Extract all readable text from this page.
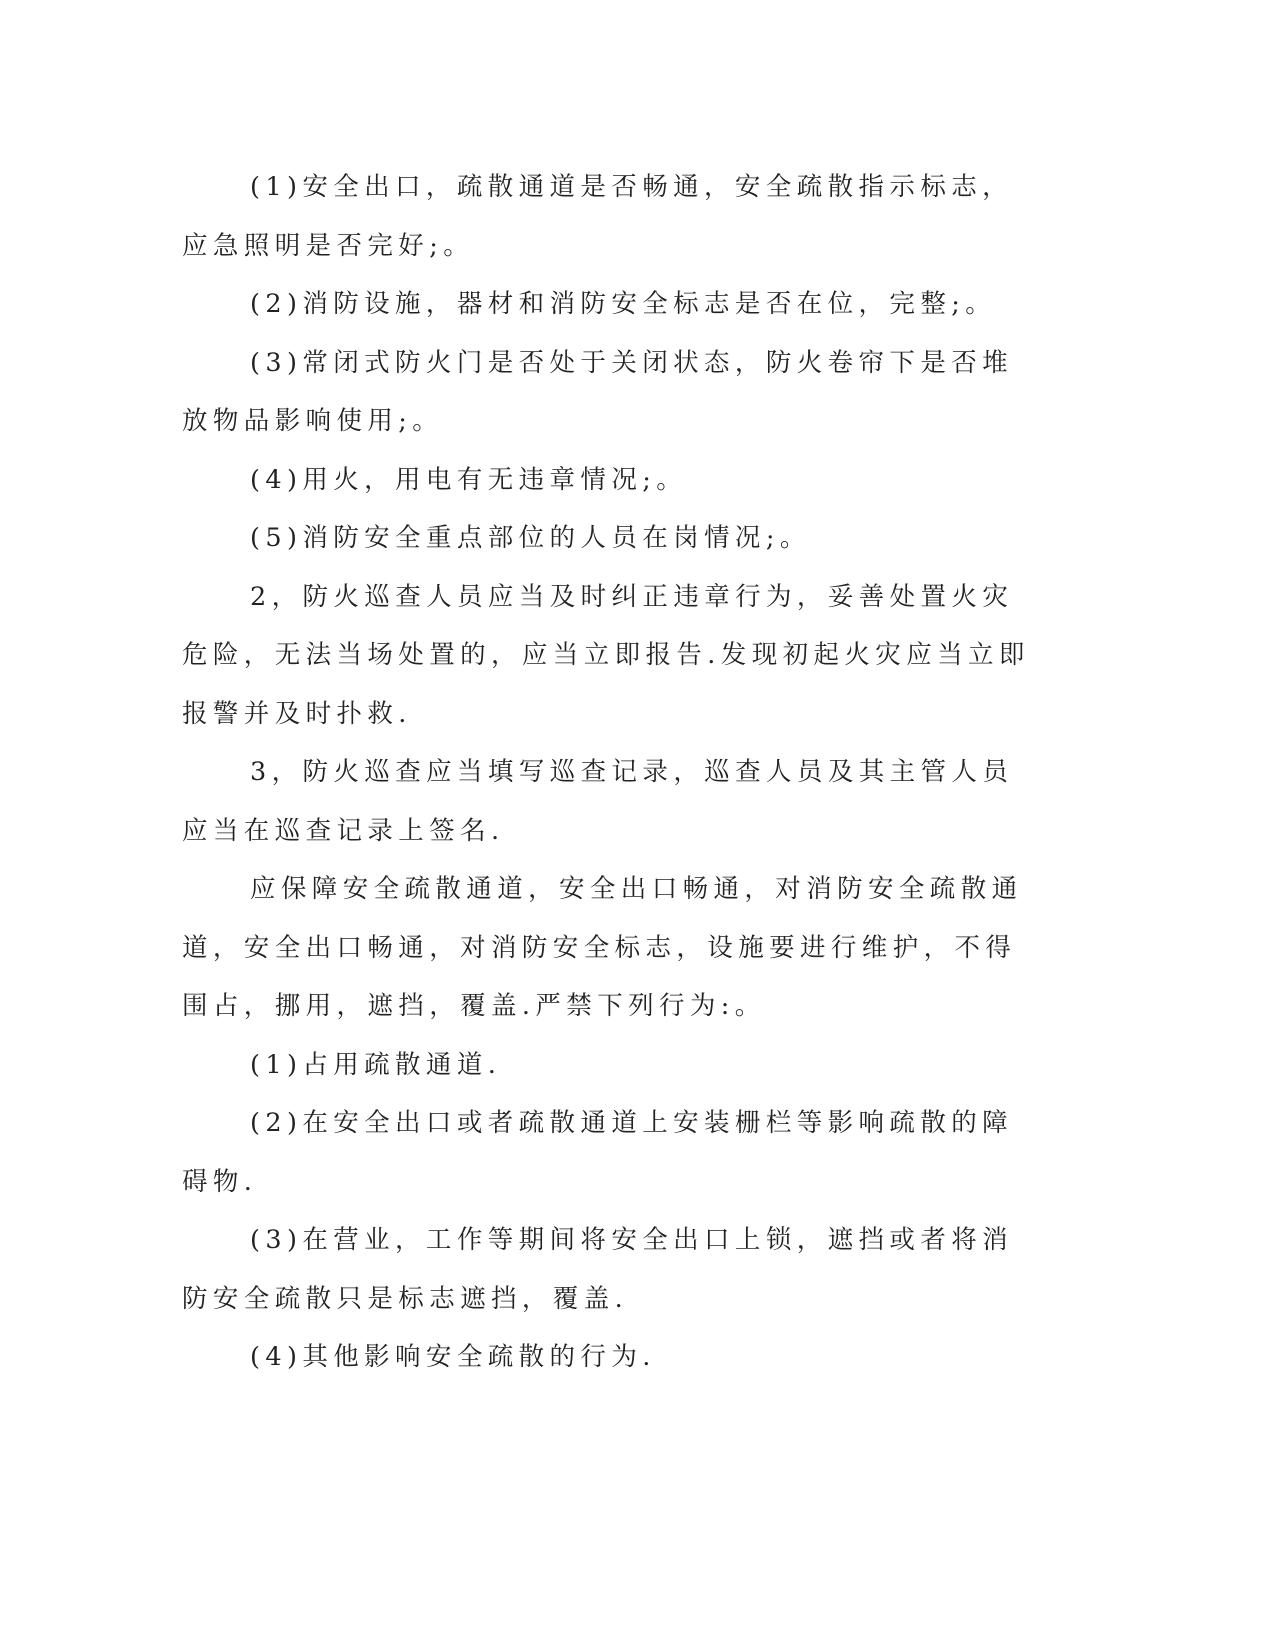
(1)安全出口，疏散通道是否畅通，安全疏散指示标志，应急照明是否完好;。

(2)消防设施，器材和消防安全标志是否在位，完整;。

(3)常闭式防火门是否处于关闭状态，防火卷帘下是否堆放物品影响使用;。

(4)用火，用电有无违章情况;。

(5)消防安全重点部位的人员在岗情况;。

2，防火巡查人员应当及时纠正违章行为，妥善处置火灾危险，无法当场处置的，应当立即报告.发现初起火灾应当立即报警并及时扑救.

3，防火巡查应当填写巡查记录，巡查人员及其主管人员应当在巡查记录上签名.

应保障安全疏散通道，安全出口畅通，对消防安全疏散通道，安全出口畅通，对消防安全标志，设施要进行维护，不得围占，挪用，遮挡，覆盖.严禁下列行为:。

(1)占用疏散通道.

(2)在安全出口或者疏散通道上安装栅栏等影响疏散的障碍物.

(3)在营业，工作等期间将安全出口上锁，遮挡或者将消防安全疏散只是标志遮挡，覆盖.

(4)其他影响安全疏散的行为.
